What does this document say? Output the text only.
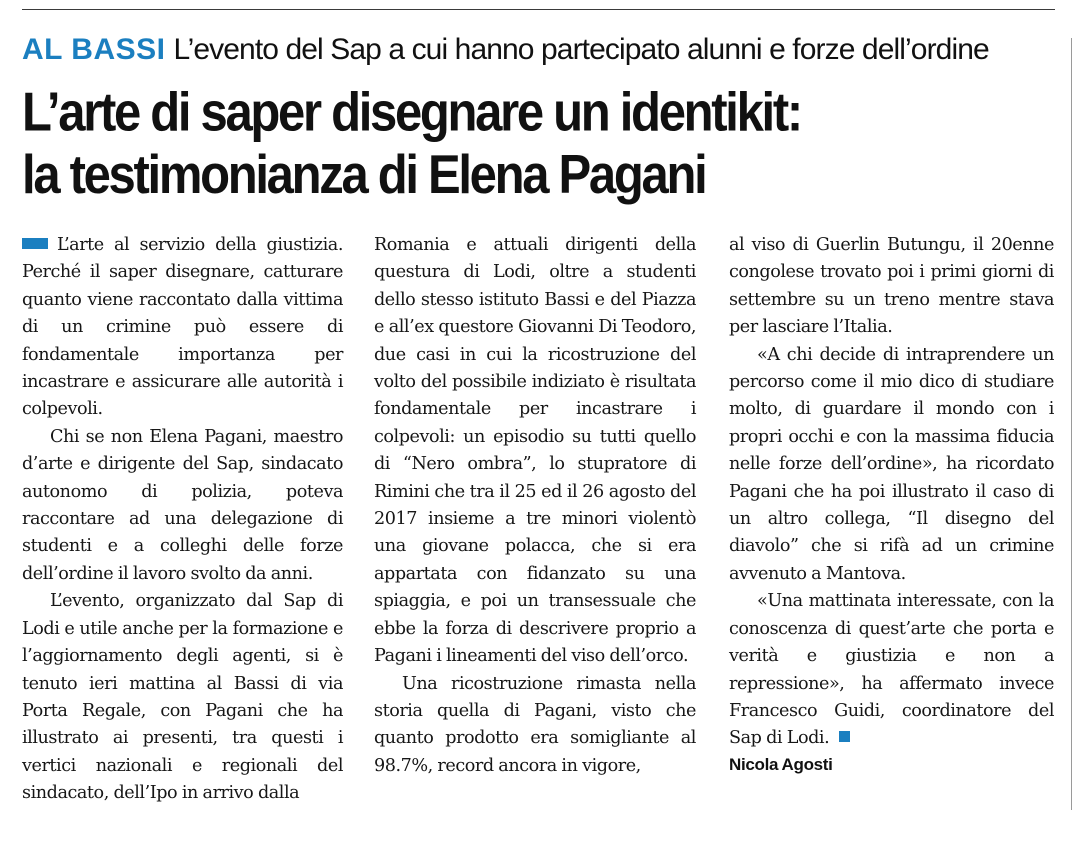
AL BASSI L’evento del Sap a cui hanno partecipato alunni e forze dell’ordine
L’arte di saper disegnare un identikit:
la testimonianza di Elena Pagani

L’arte al servizio della giustizia. Perché il saper disegnare, catturare quanto viene raccontato dalla vittima di un crimine può essere di fondamentale importanza per incastrare e assicurare alle autorità i colpevoli.

Chi se non Elena Pagani, maestro d’arte e dirigente del Sap, sindacato autonomo di polizia, poteva raccontare ad una delegazione di studenti e a colleghi delle forze dell’ordine il lavoro svolto da anni.

L’evento, organizzato dal Sap di Lodi e utile anche per la formazione e l’aggiornamento degli agenti, si è tenuto ieri mattina al Bassi di via Porta Regale, con Pagani che ha illustrato ai presenti, tra questi i vertici nazionali e regionali del sindacato, dell’Ipo in arrivo dalla

Romania e attuali dirigenti della questura di Lodi, oltre a studenti dello stesso istituto Bassi e del Piazza e all’ex questore Giovanni Di Teodoro, due casi in cui la ricostruzione del volto del possibile indiziato è risultata fondamentale per incastrare i colpevoli: un episodio su tutti quello di “Nero ombra”, lo stupratore di Rimini che tra il 25 ed il 26 agosto del 2017 insieme a tre minori violentò una giovane polacca, che si era appartata con fidanzato su una spiaggia, e poi un transessuale che ebbe la forza di descrivere proprio a Pagani i lineamenti del viso dell’orco.

Una ricostruzione rimasta nella storia quella di Pagani, visto che quanto prodotto era somigliante al 98.7%, record ancora in vigore,

al viso di Guerlin Butungu, il 20enne congolese trovato poi i primi giorni di settembre su un treno mentre stava per lasciare l’Italia.

«A chi decide di intraprendere un percorso come il mio dico di studiare molto, di guardare il mondo con i propri occhi e con la massima fiducia nelle forze dell’ordine», ha ricordato Pagani che ha poi illustrato il caso di un altro collega, “Il disegno del diavolo” che si rifà ad un crimine avvenuto a Mantova.

«Una mattinata interessate, con la conoscenza di quest’arte che porta e verità e giustizia e non a repressione», ha affermato invece Francesco Guidi, coordinatore del Sap di Lodi.

Nicola Agosti
